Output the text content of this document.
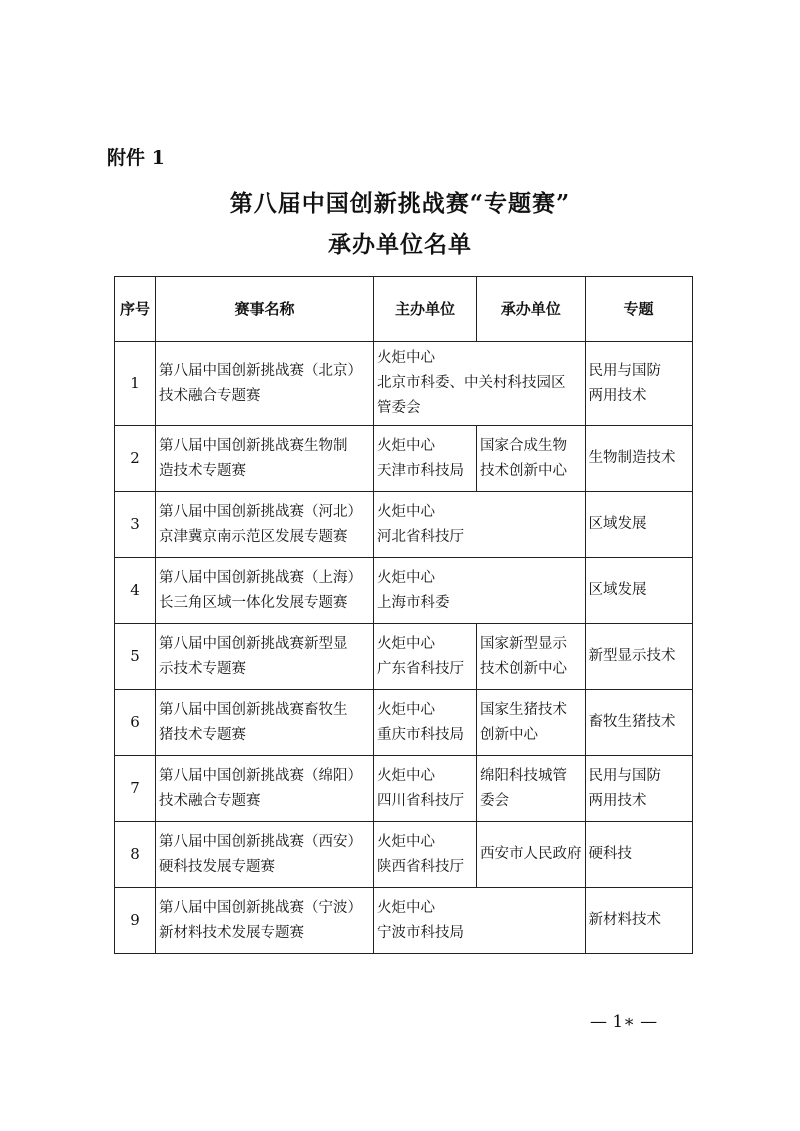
附件 1
第八届中国创新挑战赛“专题赛”
承办单位名单
序号	赛事名称	主办单位	承办单位	专题
1	第八届中国创新挑战赛（北京）
技术融合专题赛	火炬中心
北京市科委、中关村科技园区
管委会		民用与国防
两用技术

2	第八届中国创新挑战赛生物制
造技术专题赛	火炬中心
天津市科技局	国家合成生物
技术创新中心	生物制造技术

3	第八届中国创新挑战赛（河北）
京津冀京南示范区发展专题赛	火炬中心
河北省科技厅		区域发展

4	第八届中国创新挑战赛（上海）
长三角区域一体化发展专题赛	火炬中心
上海市科委		区域发展

5	第八届中国创新挑战赛新型显
示技术专题赛	火炬中心
广东省科技厅	国家新型显示
技术创新中心	新型显示技术

6	第八届中国创新挑战赛畜牧生
猪技术专题赛	火炬中心
重庆市科技局	国家生猪技术
创新中心	畜牧生猪技术

7	第八届中国创新挑战赛（绵阳）
技术融合专题赛	火炬中心
四川省科技厅	绵阳科技城管
委会	民用与国防
两用技术

8	第八届中国创新挑战赛（西安）
硬科技发展专题赛	火炬中心
陕西省科技厅	西安市人民政府	硬科技

9	第八届中国创新挑战赛（宁波）
新材料技术发展专题赛	火炬中心
宁波市科技局		新材料技术
— 1∗ —
